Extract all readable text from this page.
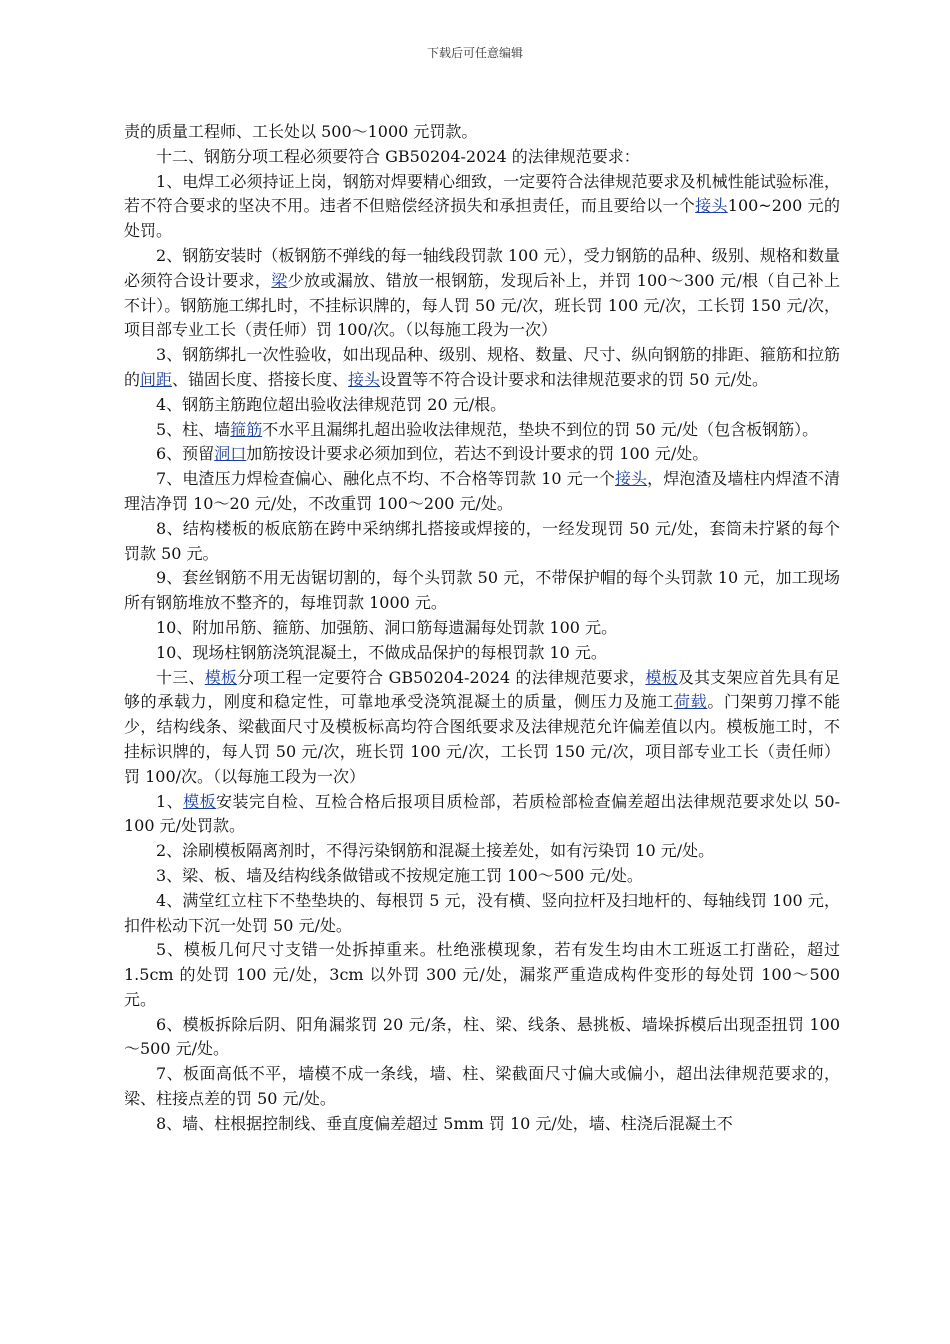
下载后可任意编辑

责的质量工程师、工长处以 500～1000 元罚款。

十二、钢筋分项工程必须要符合 GB50204-2024 的法律规范要求：

1、电焊工必须持证上岗，钢筋对焊要精心细致，一定要符合法律规范要求及机械性能试验标准，若不符合要求的坚决不用。违者不但赔偿经济损失和承担责任，而且要给以一个接头100~200 元的处罚。

2、钢筋安装时（板钢筋不弹线的每一轴线段罚款 100 元），受力钢筋的品种、级别、规格和数量必须符合设计要求，梁少放或漏放、错放一根钢筋，发现后补上，并罚 100～300 元/根（自己补上不计）。钢筋施工绑扎时，不挂标识牌的，每人罚 50 元/次，班长罚 100 元/次，工长罚 150 元/次，项目部专业工长（责任师）罚 100/次。（以每施工段为一次）

3、钢筋绑扎一次性验收，如出现品种、级别、规格、数量、尺寸、纵向钢筋的排距、箍筋和拉筋的间距、锚固长度、搭接长度、接头设置等不符合设计要求和法律规范要求的罚 50 元/处。

4、钢筋主筋跑位超出验收法律规范罚 20 元/根。

5、柱、墙箍筋不水平且漏绑扎超出验收法律规范，垫块不到位的罚 50 元/处（包含板钢筋）。

6、预留洞口加筋按设计要求必须加到位，若达不到设计要求的罚 100 元/处。

7、电渣压力焊检查偏心、融化点不均、不合格等罚款 10 元一个接头，焊泡渣及墙柱内焊渣不清理洁净罚 10～20 元/处，不改重罚 100～200 元/处。

8、结构楼板的板底筋在跨中采纳绑扎搭接或焊接的，一经发现罚 50 元/处，套筒未拧紧的每个罚款 50 元。

9、套丝钢筋不用无齿锯切割的，每个头罚款 50 元，不带保护帽的每个头罚款 10 元，加工现场所有钢筋堆放不整齐的，每堆罚款 1000 元。

10、附加吊筋、箍筋、加强筋、洞口筋每遗漏每处罚款 100 元。

10、现场柱钢筋浇筑混凝土，不做成品保护的每根罚款 10 元。

十三、模板分项工程一定要符合 GB50204-2024 的法律规范要求，模板及其支架应首先具有足够的承载力，刚度和稳定性，可靠地承受浇筑混凝土的质量，侧压力及施工荷载。门架剪刀撑不能少，结构线条、梁截面尺寸及模板标高均符合图纸要求及法律规范允许偏差值以内。模板施工时，不挂标识牌的，每人罚 50 元/次，班长罚 100 元/次，工长罚 150 元/次，项目部专业工长（责任师）罚 100/次。（以每施工段为一次）

1、模板安装完自检、互检合格后报项目质检部，若质检部检查偏差超出法律规范要求处以 50-100 元/处罚款。

2、涂刷模板隔离剂时，不得污染钢筋和混凝土接差处，如有污染罚 10 元/处。

3、梁、板、墙及结构线条做错或不按规定施工罚 100～500 元/处。

4、满堂红立柱下不垫垫块的、每根罚 5 元，没有横、竖向拉杆及扫地杆的、每轴线罚 100 元，扣件松动下沉一处罚 50 元/处。

5、模板几何尺寸支错一处拆掉重来。杜绝涨模现象，若有发生均由木工班返工打凿砼，超过 1.5cm 的处罚 100 元/处，3cm 以外罚 300 元/处，漏浆严重造成构件变形的每处罚 100～500 元。

6、模板拆除后阴、阳角漏浆罚 20 元/条，柱、梁、线条、悬挑板、墙垛拆模后出现歪扭罚 100～500 元/处。

7、板面高低不平，墙模不成一条线，墙、柱、梁截面尺寸偏大或偏小，超出法律规范要求的，梁、柱接点差的罚 50 元/处。

8、墙、柱根据控制线、垂直度偏差超过 5mm 罚 10 元/处，墙、柱浇后混凝土不
